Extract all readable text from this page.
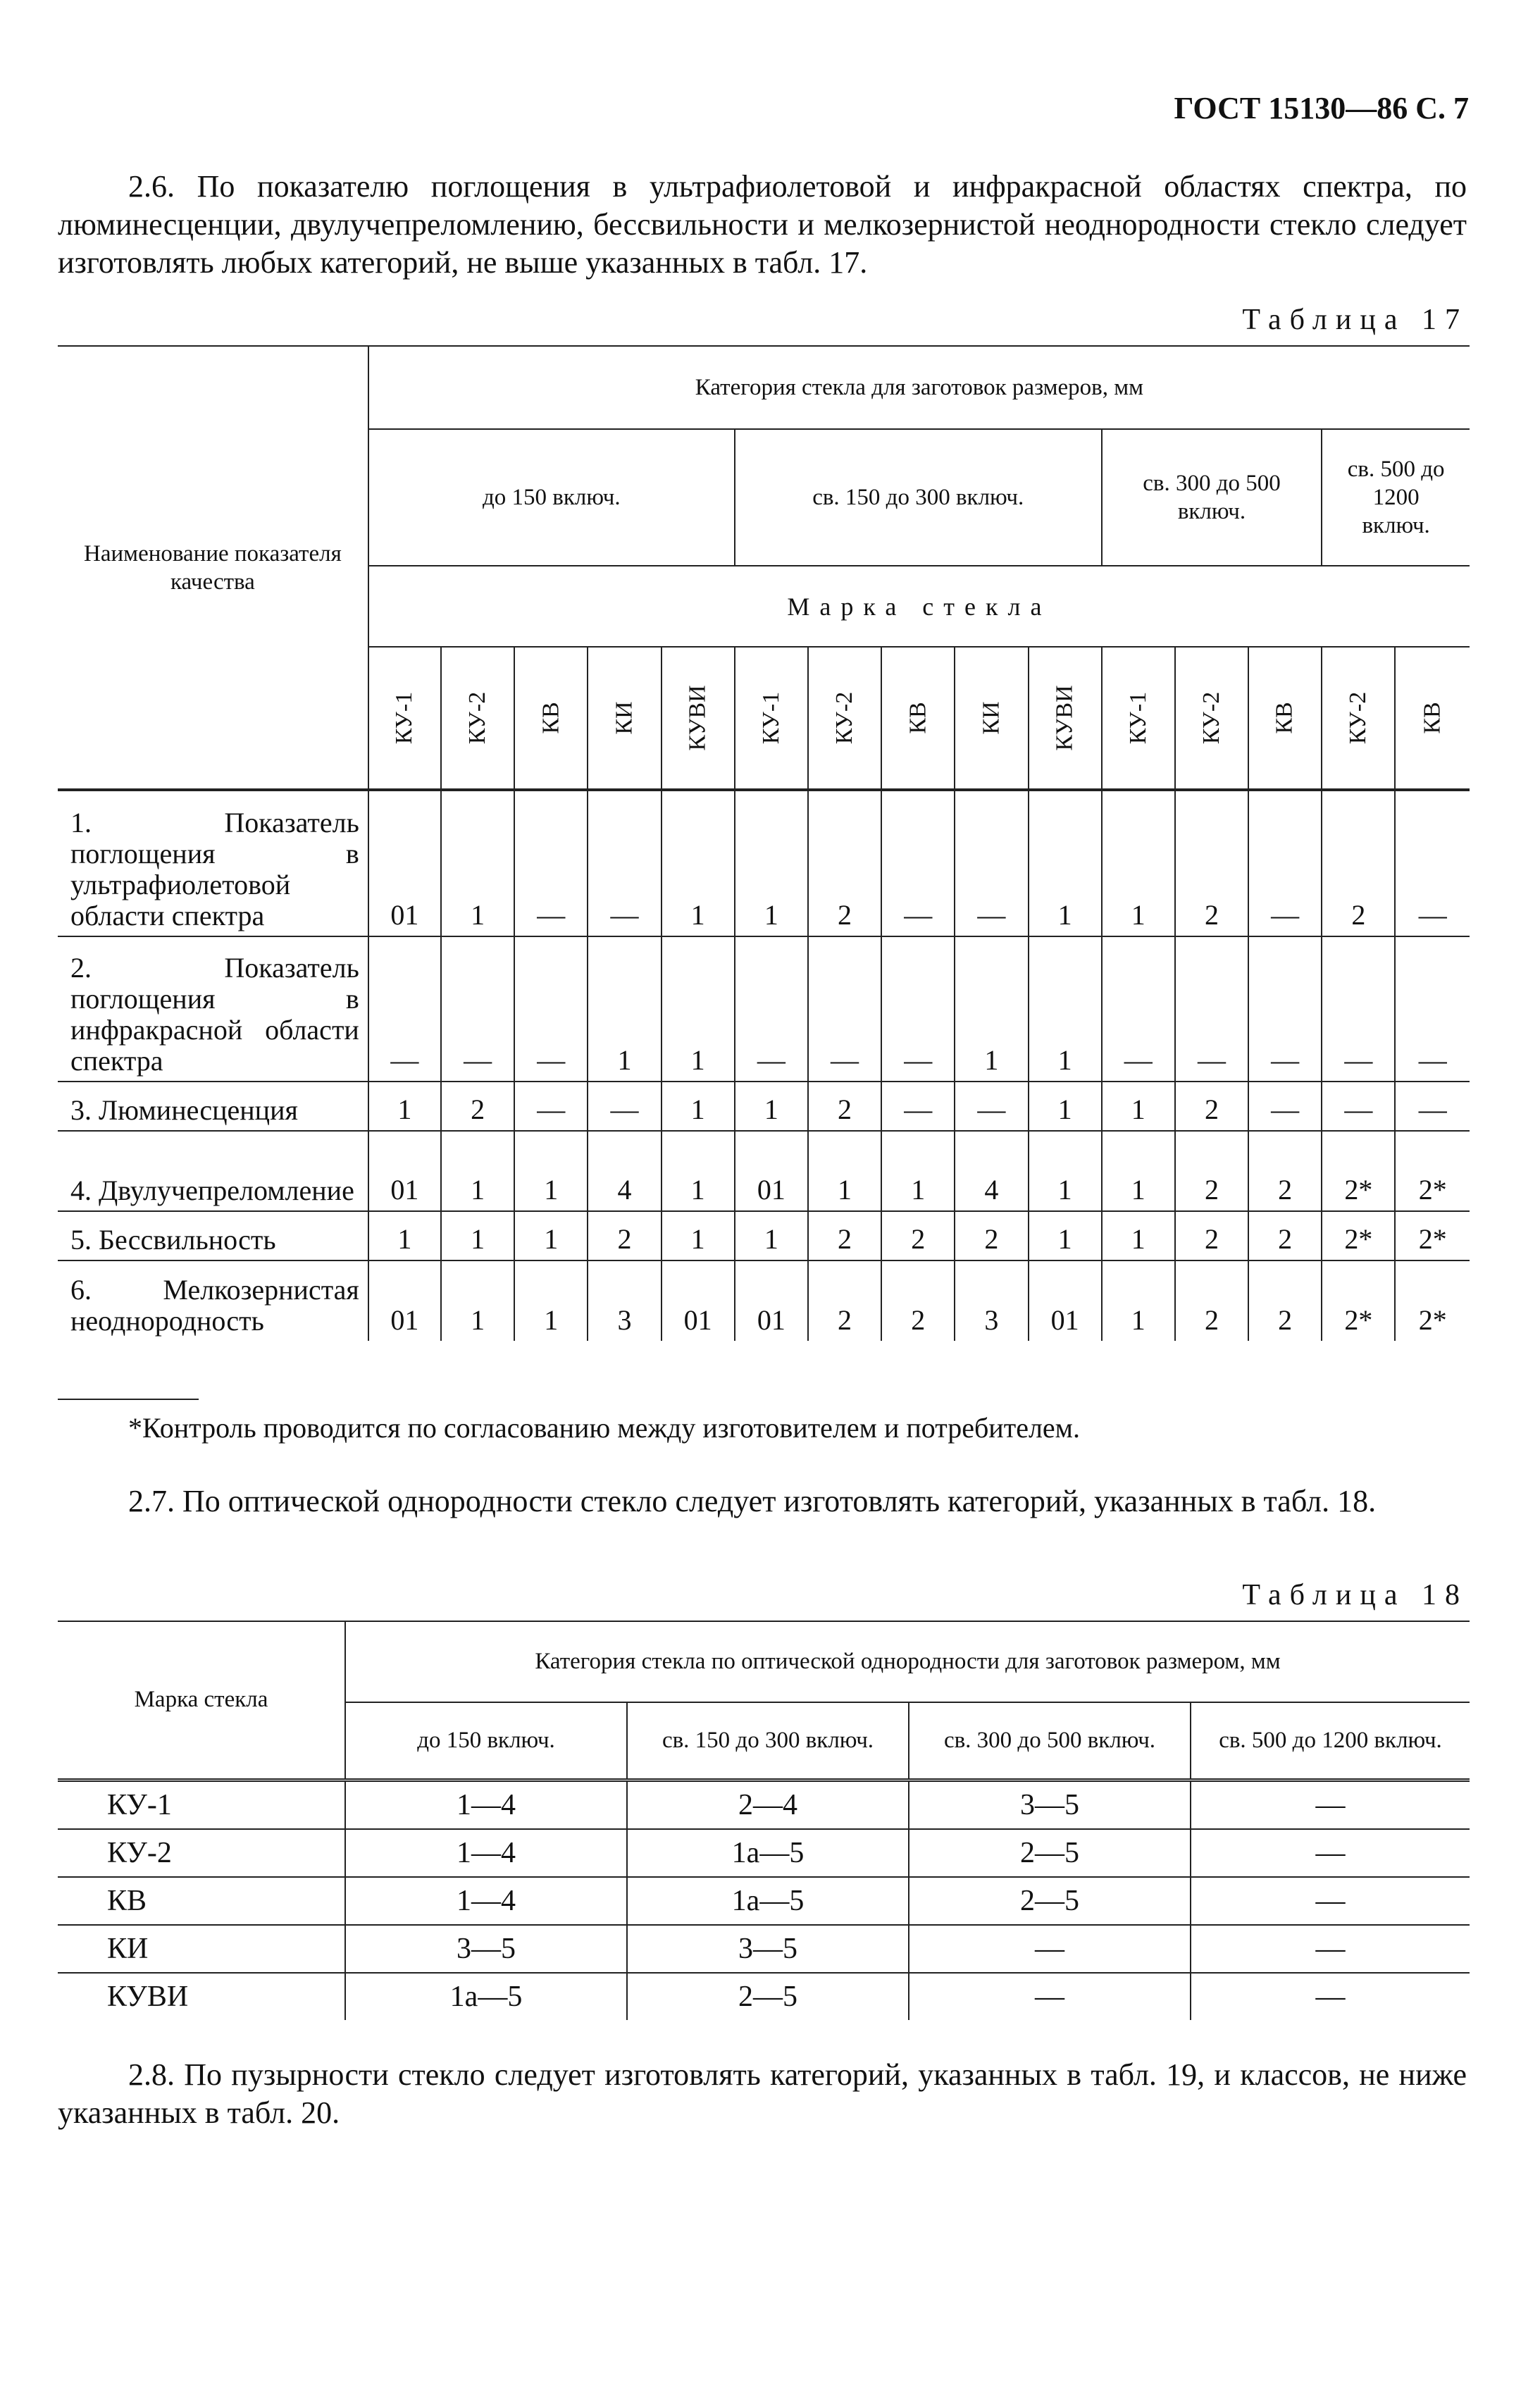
ГОСТ 15130—86 С. 7

2.6. По показателю поглощения в ультрафиолетовой и инфракрасной областях спектра, по люминесценции, двулучепреломлению, бессвильности и мелкозернистой неоднородности стекло следует изготовлять любых категорий, не выше указанных в табл. 17.

Таблица 17
Наименование показателя качества	Категория стекла для заготовок размеров, мм														
	до 150 включ.					св. 150 до 300 включ.					св. 300 до 500 включ.			св. 500 до 1200 включ.	
	Марка стекла														
	КУ-1	КУ-2	КВ	КИ	КУВИ	КУ-1	КУ-2	КВ	КИ	КУВИ	КУ-1	КУ-2	КВ	КУ-2	КВ
1. Показатель поглощения в ультрафиолетовой области спектра	01	1	—	—	1	1	2	—	—	1	1	2	—	2	—
2. Показатель поглощения в инфракрасной области спектра	—	—	—	1	1	—	—	—	1	1	—	—	—	—	—
3. Люминесценция	1	2	—	—	1	1	2	—	—	1	1	2	—	—	—
4. Двулучепреломление	01	1	1	4	1	01	1	1	4	1	1	2	2	2*	2*
5. Бессвильность	1	1	1	2	1	1	2	2	2	1	1	2	2	2*	2*
6. Мелкозернистая неоднородность	01	1	1	3	01	01	2	2	3	01	1	2	2	2*	2*

*Контроль проводится по согласованию между изготовителем и потребителем.

2.7. По оптической однородности стекло следует изготовлять категорий, указанных в табл. 18.

Таблица 18
Марка стекла	Категория стекла по оптической однородности для заготовок размером, мм			
	до 150 включ.	св. 150 до 300 включ.	св. 300 до 500 включ.	св. 500 до 1200 включ.
КУ-1	1—4	2—4	3—5	—
КУ-2	1—4	1а—5	2—5	—
КВ	1—4	1а—5	2—5	—
КИ	3—5	3—5	—	—
КУВИ	1а—5	2—5	—	—

2.8. По пузырности стекло следует изготовлять категорий, указанных в табл. 19, и классов, не ниже указанных в табл. 20.
